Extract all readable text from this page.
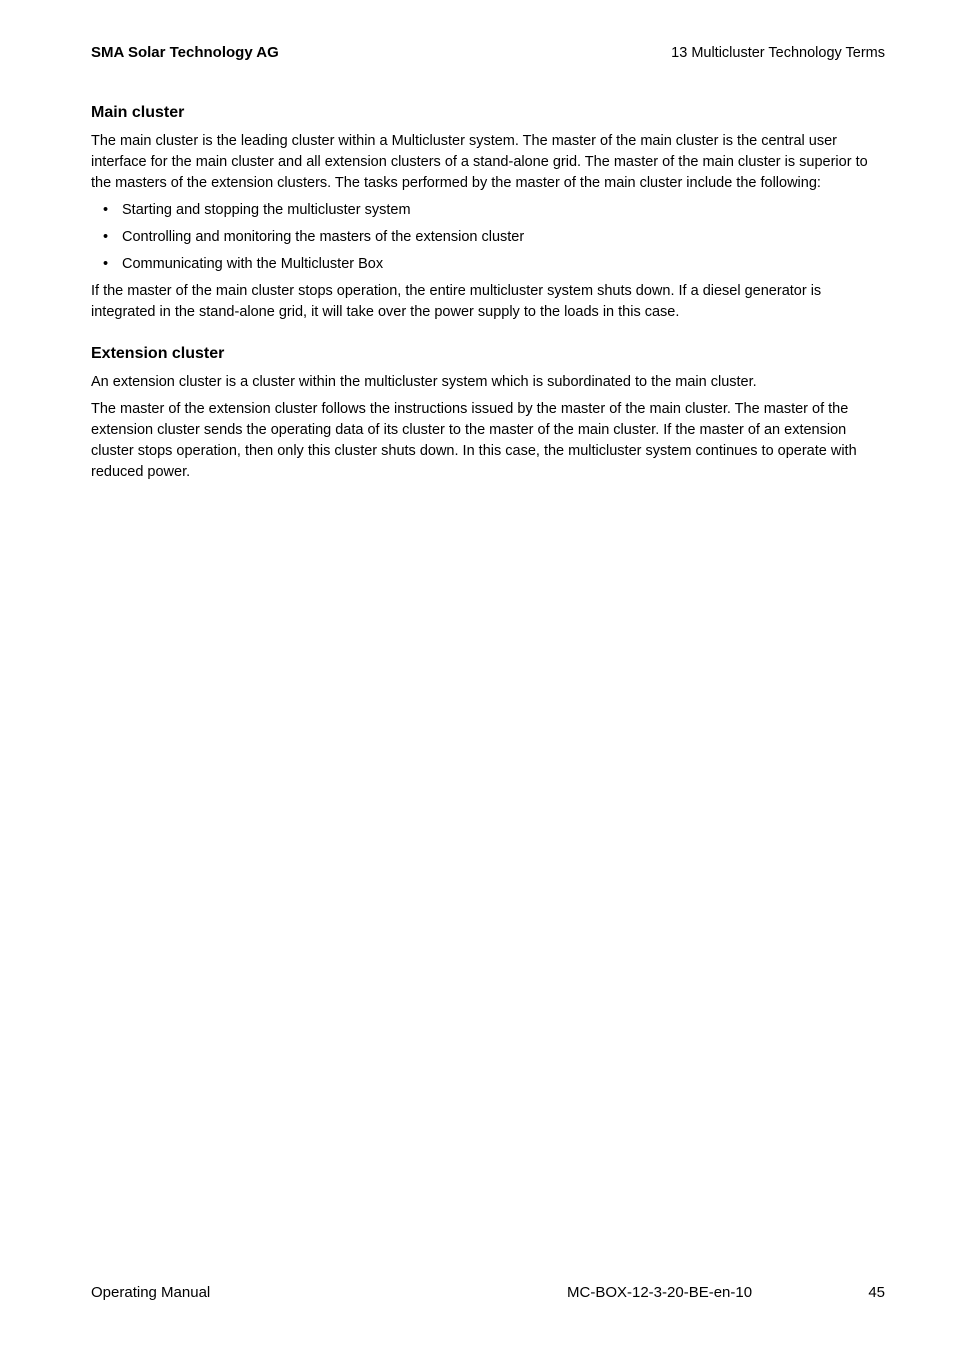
SMA Solar Technology AG	13 Multicluster Technology Terms
Main cluster

The main cluster is the leading cluster within a Multicluster system. The master of the main cluster is the central user interface for the main cluster and all extension clusters of a stand-alone grid. The master of the main cluster is superior to the masters of the extension clusters. The tasks performed by the master of the main cluster include the following:

• Starting and stopping the multicluster system
• Controlling and monitoring the masters of the extension cluster
• Communicating with the Multicluster Box

If the master of the main cluster stops operation, the entire multicluster system shuts down. If a diesel generator is integrated in the stand-alone grid, it will take over the power supply to the loads in this case.

Extension cluster

An extension cluster is a cluster within the multicluster system which is subordinated to the main cluster.

The master of the extension cluster follows the instructions issued by the master of the main cluster. The master of the extension cluster sends the operating data of its cluster to the master of the main cluster. If the master of an extension cluster stops operation, then only this cluster shuts down. In this case, the multicluster system continues to operate with reduced power.

Operating Manual	MC-BOX-12-3-20-BE-en-10	45
